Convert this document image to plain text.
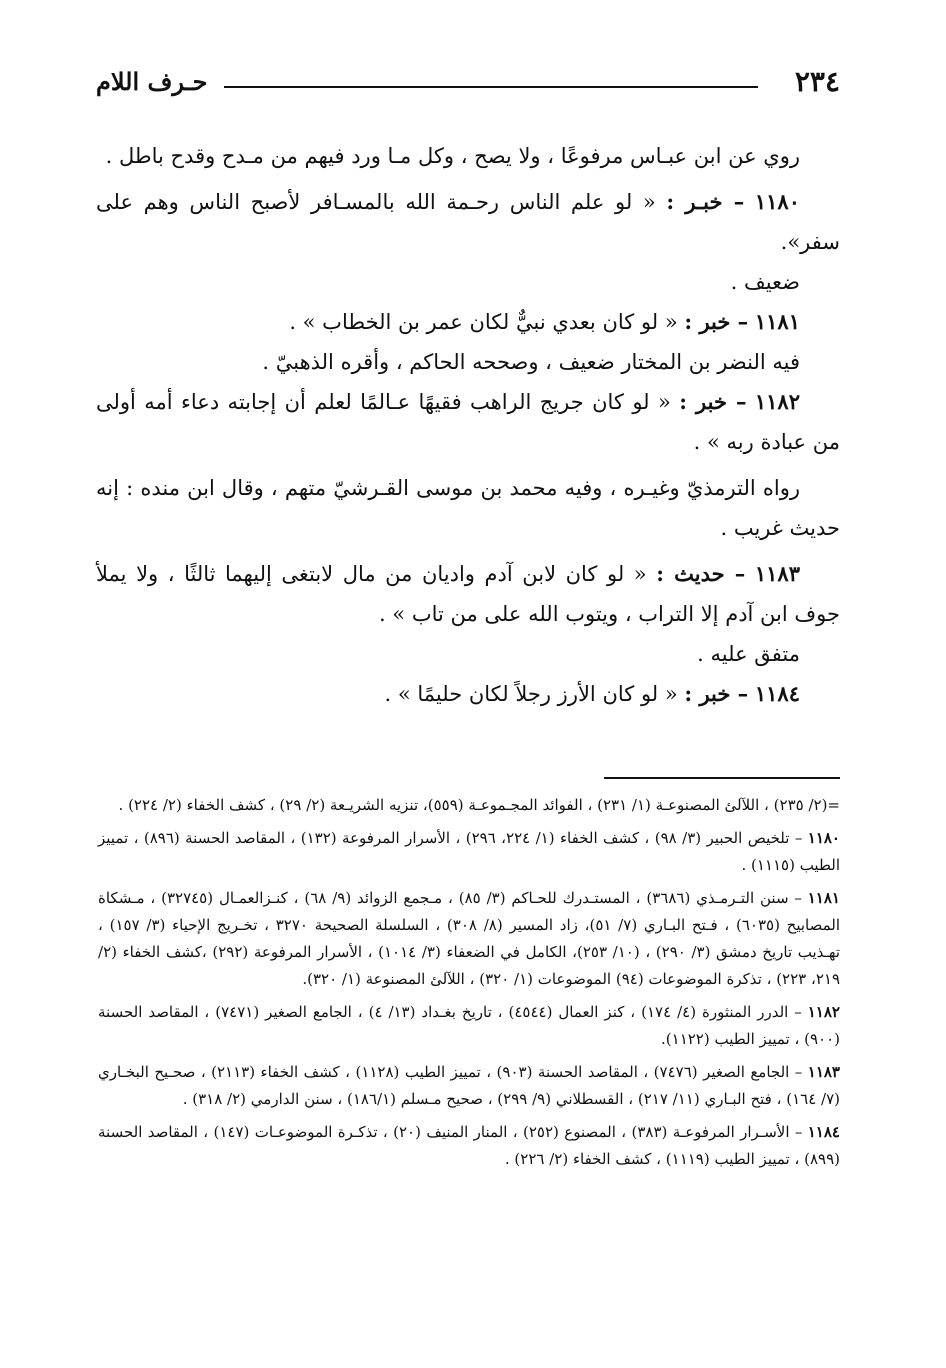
٢٣٤
حـرف اللام

روي عن ابن عبـاس مرفوعًا ، ولا يصح ، وكل مـا ورد فيهم من مـدح وقدح باطل .

١١٨٠ – خبـر : « لو علم الناس رحـمة الله بالمسـافر لأصبح الناس وهم على سفر».

ضعيف .

١١٨١ – خبر : « لو كان بعدي نبيٌّ لكان عمر بن الخطاب » .

فيه النضر بن المختار ضعيف ، وصححه الحاكم ، وأقره الذهبيّ .

١١٨٢ – خبر : « لو كان جريج الراهب فقيهًا عـالمًا لعلم أن إجابته دعاء أمه أولى من عبادة ربه » .

رواه الترمذيّ وغيـره ، وفيه محمد بن موسى القـرشيّ متهم ، وقال ابن منده : إنه حديث غريب .

١١٨٣ – حديث : « لو كان لابن آدم واديان من مال لابتغى إليهما ثالثًا ، ولا يملأ جوف ابن آدم إلا التراب ، ويتوب الله على من تاب » .

متفق عليه .

١١٨٤ – خبر : « لو كان الأرز رجلاً لكان حليمًا » .

=(٢/ ٢٣٥) ، اللآلئ المصنوعـة (١/ ٢٣١) ، الفوائد المجـموعـة (٥٥٩)، تنزيه الشريـعة (٢/ ٢٩) ، كشف الخفاء (٢/ ٢٢٤) .

١١٨٠ – تلخيص الحبير (٣/ ٩٨) ، كشف الخفاء (١/ ٢٢٤، ٢٩٦) ، الأسرار المرفوعة (١٣٢) ، المقاصد الحسنة (٨٩٦) ، تمييز الطيب (١١١٥) .

١١٨١ – سنن التـرمـذي (٣٦٨٦) ، المستـدرك للحـاكم (٣/ ٨٥) ، مـجمع الزوائد (٩/ ٦٨) ، كنـزالعمـال (٣٢٧٤٥) ، مـشكاة المصابيح (٦٠٣٥) ، فـتح البـاري (٧/ ٥١)، زاد المسير (٨/ ٣٠٨) ، السلسلة الصحيحة ٣٢٧٠ ، تخـريج الإحياء (٣/ ١٥٧) ، تهـذيب تاريخ دمشق (٣/ ٢٩٠) ، (١٠/ ٢٥٣)، الكامل في الضعفاء (٣/ ١٠١٤) ، الأسرار المرفوعة (٢٩٢) ،كشف الخفاء (٢/ ٢١٩، ٢٢٣) ، تذكرة الموضوعات (٩٤) الموضوعات (١/ ٣٢٠) ، اللآلئ المصنوعة (١/ ٣٢٠).

١١٨٢ – الدرر المنثورة (٤/ ١٧٤) ، كنز العمال (٤٥٤٤) ، تاريخ بغـداد (١٣/ ٤) ، الجامع الصغير (٧٤٧١) ، المقاصد الحسنة (٩٠٠) ، تمييز الطيب (١١٢٢).

١١٨٣ – الجامع الصغير (٧٤٧٦) ، المقاصد الحسنة (٩٠٣) ، تمييز الطيب (١١٢٨) ، كشف الخفاء (٢١١٣) ، صحـيح البخـاري (٧/ ١٦٤) ، فتح البـاري (١١/ ٢١٧) ، القسطلاني (٩/ ٢٩٩) ، صحيح مـسلم (١٨٦/١) ، سنن الدارمي (٢/ ٣١٨) .

١١٨٤ – الأسـرار المرفوعـة (٣٨٣) ، المصنوع (٢٥٢) ، المنار المنيف (٢٠) ، تذكـرة الموضوعـات (١٤٧) ، المقاصد الحسنة (٨٩٩) ، تمييز الطيب (١١١٩) ، كشف الخفاء (٢/ ٢٢٦) .
